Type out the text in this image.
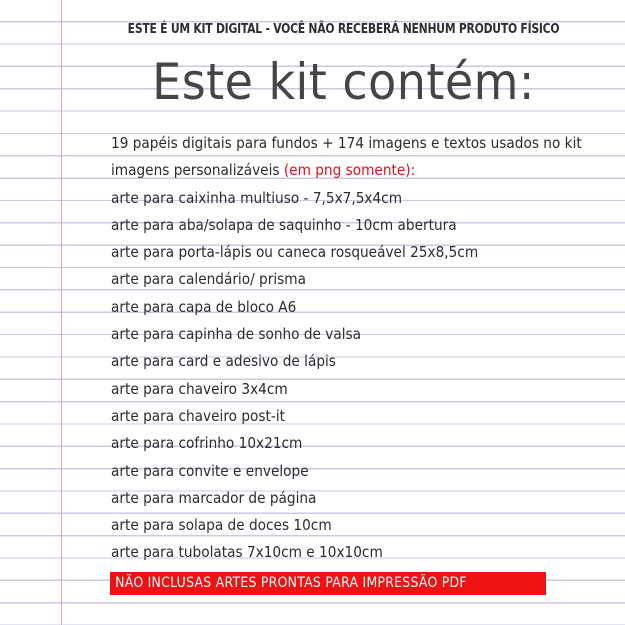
ESTE É UM KIT DIGITAL - VOCÊ NÃO RECEBERÁ NENHUM PRODUTO FÍSICO
Este kit contém:
19 papéis digitais para fundos + 174 imagens e textos usados no kit
imagens personalizáveis (em png somente):
arte para caixinha multiuso - 7,5x7,5x4cm
arte para aba/solapa de saquinho - 10cm abertura
arte para porta-lápis ou caneca rosqueável 25x8,5cm
arte para calendário/ prisma
arte para capa de bloco A6
arte para capinha de sonho de valsa
arte para card e adesivo de lápis
arte para chaveiro 3x4cm
arte para chaveiro post-it
arte para cofrinho 10x21cm
arte para convite e envelope
arte para marcador de página
arte para solapa de doces 10cm
arte para tubolatas 7x10cm e 10x10cm
NÃO INCLUSAS ARTES PRONTAS PARA IMPRESSÃO PDF
